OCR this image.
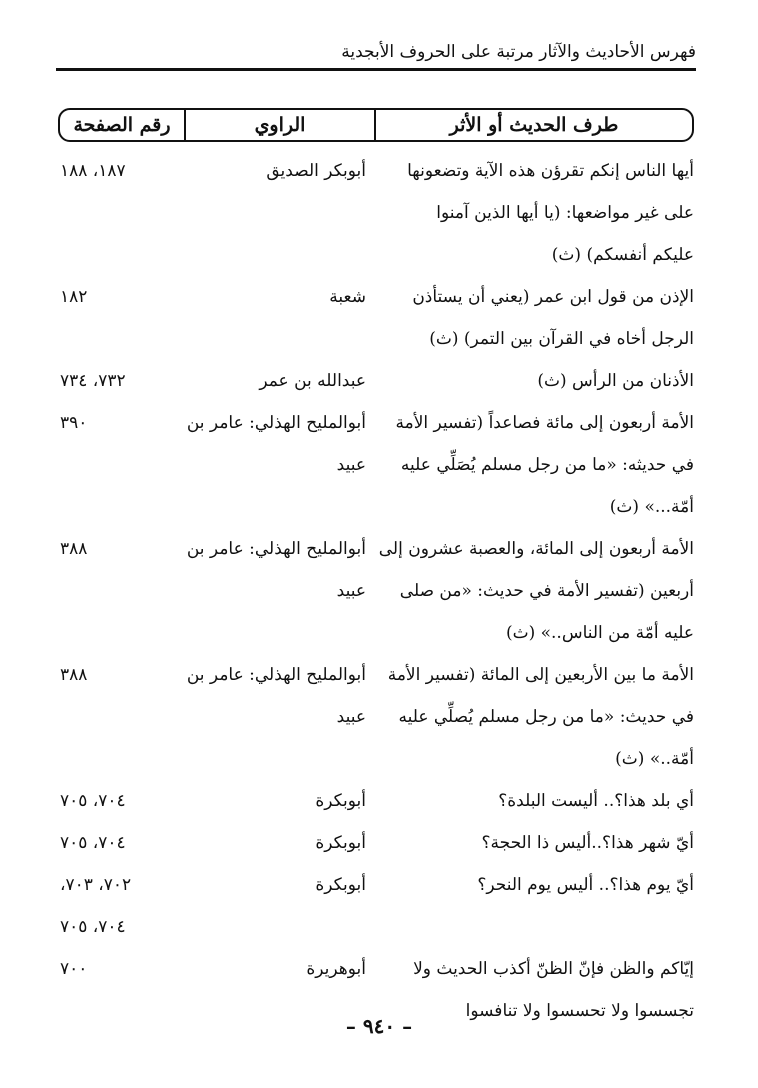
فهرس الأحاديث والآثار مرتبة على الحروف الأبجدية
طرف الحديث أو الأثر
الراوي
رقم الصفحة
أيها الناس إنكم تقرؤن هذه الآية وتضعونها
أبوبكر الصديق
١٨٧، ١٨٨
على غير مواضعها: (يا أيها الذين آمنوا
عليكم أنفسكم) (ث)
الإذن من قول ابن عمر (يعني أن يستأذن
شعبة
١٨٢
الرجل أخاه في القرآن بين التمر) (ث)
الأذنان من الرأس (ث)
عبدالله بن عمر
٧٣٢، ٧٣٤
الأمة أربعون إلى مائة فصاعداً (تفسير الأمة
أبوالمليح الهذلي: عامر بن
٣٩٠
في حديثه: «ما من رجل مسلم يُصَلِّي عليه
عبيد
أمّة...» (ث)
الأمة أربعون إلى المائة، والعصبة عشرون إلى
أبوالمليح الهذلي: عامر بن
٣٨٨
أربعين (تفسير الأمة في حديث: «من صلى
عبيد
عليه أمّة من الناس..» (ث)
الأمة ما بين الأربعين إلى المائة (تفسير الأمة
أبوالمليح الهذلي: عامر بن
٣٨٨
في حديث: «ما من رجل مسلم يُصلِّي عليه
عبيد
أمّة..» (ث)
أي بلد هذا؟.. أليست البلدة؟
أبوبكرة
٧٠٤، ٧٠٥
أيّ شهر هذا؟..أليس ذا الحجة؟
أبوبكرة
٧٠٤، ٧٠٥
أيّ يوم هذا؟.. أليس يوم النحر؟
أبوبكرة
٧٠٢، ٧٠٣،
٧٠٤، ٧٠٥
إيّاكم والظن فإنّ الظنّ أكذب الحديث ولا
أبوهريرة
٧٠٠
تجسسوا ولا تحسسوا ولا تنافسوا
– ٩٤٠ –
